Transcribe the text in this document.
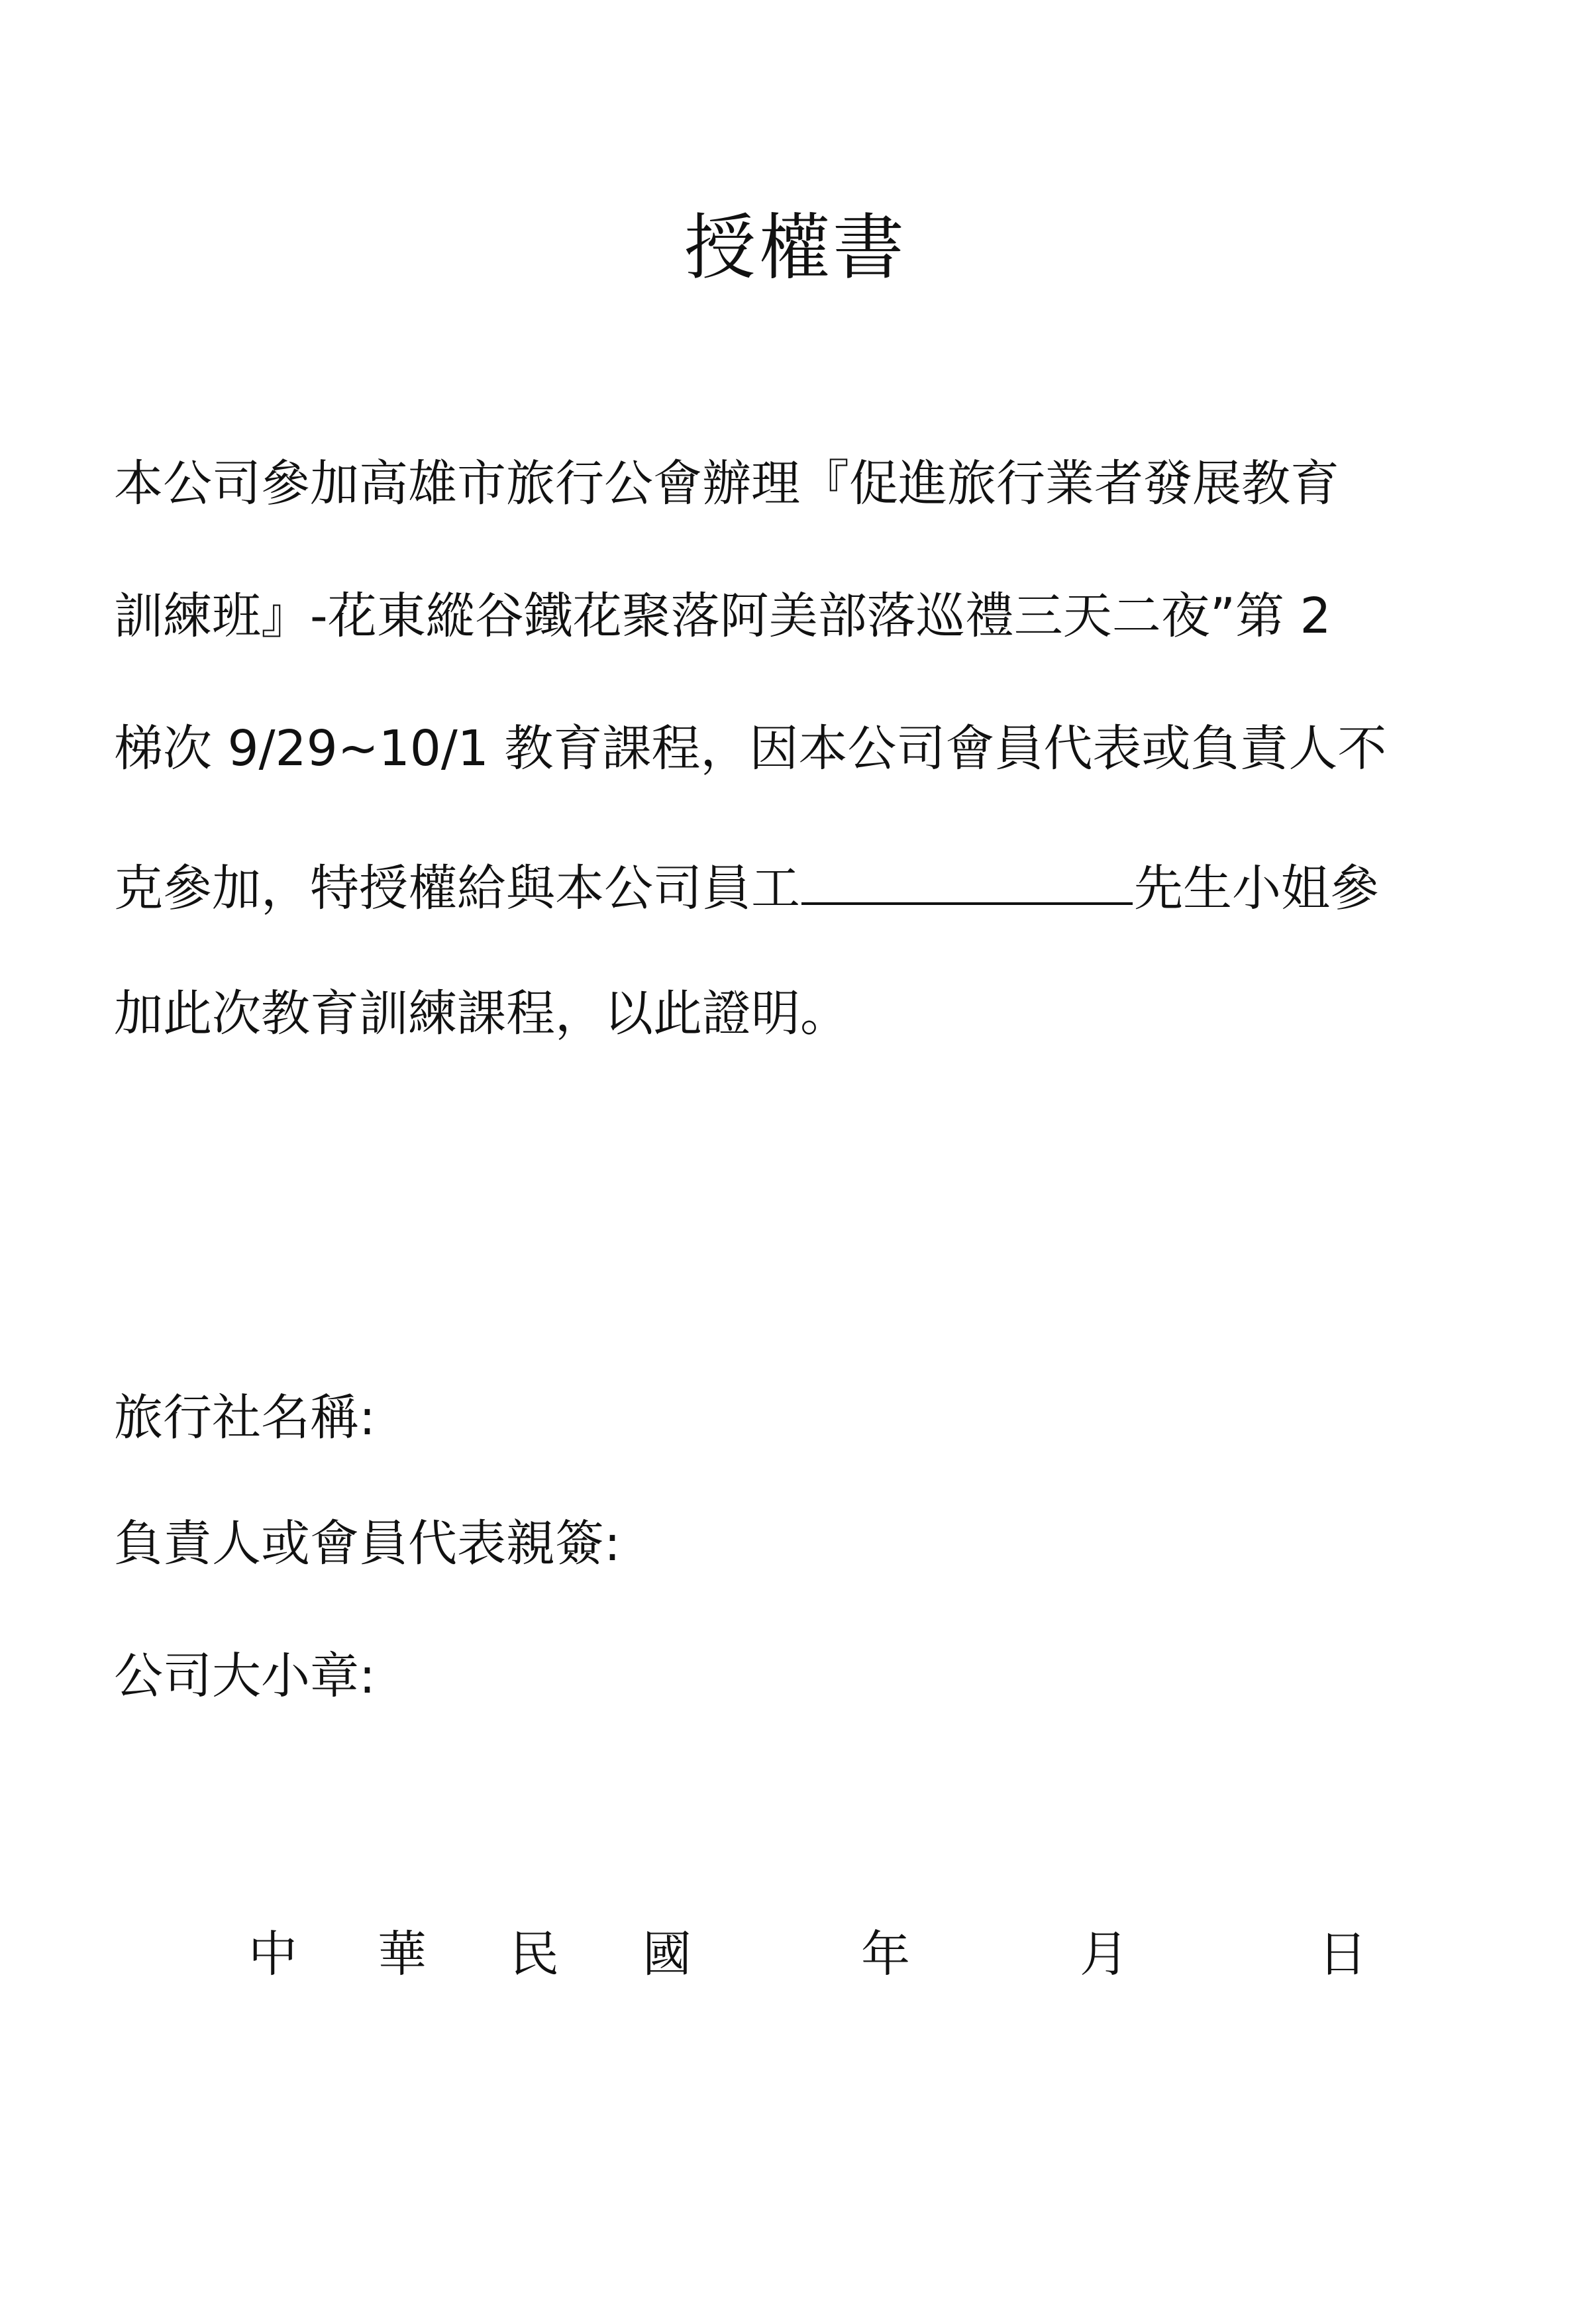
授權書
本公司參加高雄市旅行公會辦理『促進旅行業者發展教育
訓練班』-花東縱谷鐵花聚落阿美部落巡禮三天二夜”第 2
梯次 9/29~10/1 教育課程，因本公司會員代表或負責人不
克參加，特授權給與本公司員工	先生小姐參
加此次教育訓練課程，以此證明。
旅行社名稱:
負責人或會員代表親簽:
公司大小章:
中 華 民 國	年	月	日
